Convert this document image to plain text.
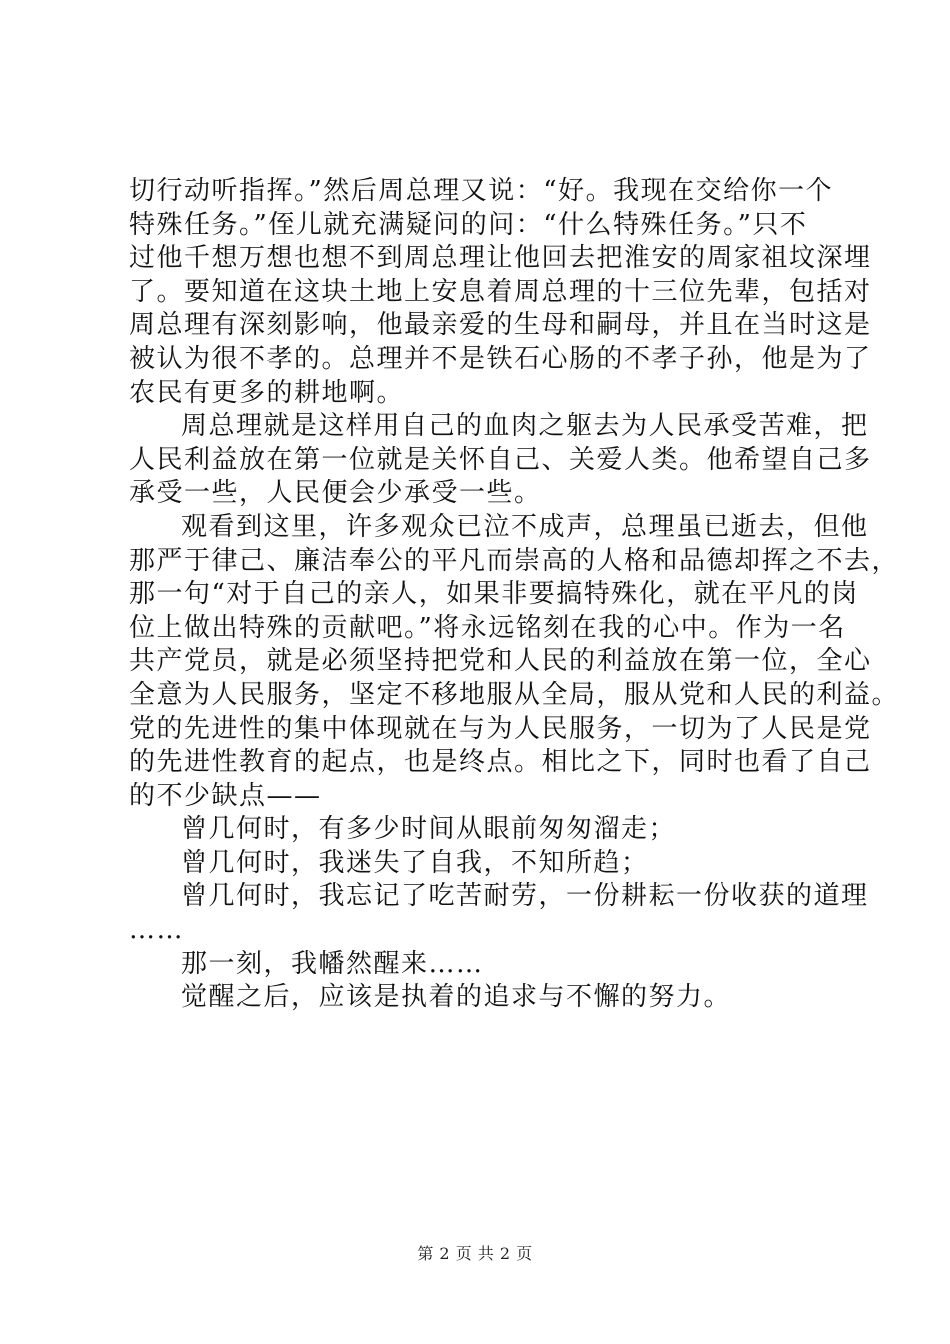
切行动听指挥。”然后周总理又说：“好。我现在交给你一个
特殊任务。”侄儿就充满疑问的问：“什么特殊任务。”只不
过他千想万想也想不到周总理让他回去把淮安的周家祖坟深埋
了。要知道在这块土地上安息着周总理的十三位先辈，包括对
周总理有深刻影响，他最亲爱的生母和嗣母，并且在当时这是
被认为很不孝的。总理并不是铁石心肠的不孝子孙，他是为了
农民有更多的耕地啊。
周总理就是这样用自己的血肉之躯去为人民承受苦难，把
人民利益放在第一位就是关怀自己、关爱人类。他希望自己多
承受一些，人民便会少承受一些。
观看到这里，许多观众已泣不成声，总理虽已逝去，但他
那严于律己、廉洁奉公的平凡而崇高的人格和品德却挥之不去，
那一句“对于自己的亲人，如果非要搞特殊化，就在平凡的岗
位上做出特殊的贡献吧。”将永远铭刻在我的心中。作为一名
共产党员，就是必须坚持把党和人民的利益放在第一位，全心
全意为人民服务，坚定不移地服从全局，服从党和人民的利益。
党的先进性的集中体现就在与为人民服务，一切为了人民是党
的先进性教育的起点，也是终点。相比之下，同时也看了自己
的不少缺点——
曾几何时，有多少时间从眼前匆匆溜走；
曾几何时，我迷失了自我，不知所趋；
曾几何时，我忘记了吃苦耐劳，一份耕耘一份收获的道理
……
那一刻，我幡然醒来……
觉醒之后，应该是执着的追求与不懈的努力。
第 2 页 共 2 页
